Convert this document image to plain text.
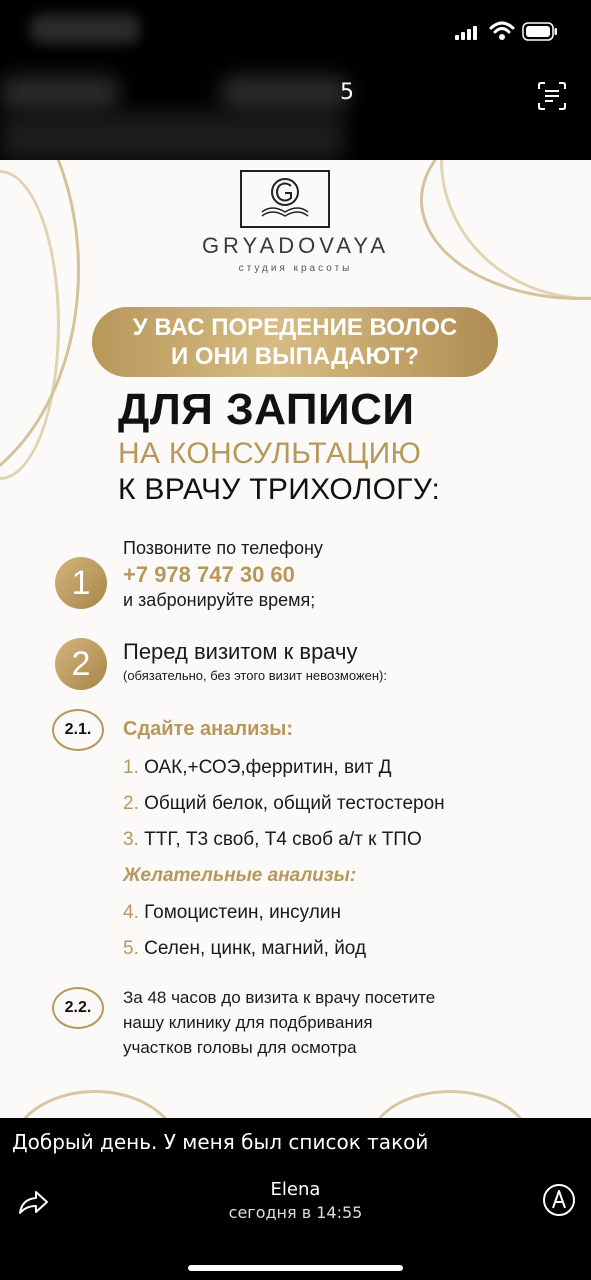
5
GRYADOVAYA
студия красоты
У ВАС ПОРЕДЕНИЕ ВОЛОС
И ОНИ ВЫПАДАЮТ?
ДЛЯ ЗАПИСИ
НА КОНСУЛЬТАЦИЮ
К ВРАЧУ ТРИХОЛОГУ:
1
Позвоните по телефону
+7 978 747 30 60
и забронируйте время;
2	Перед визитом к врачу
(обязательно, без этого визит невозможен):
2.1.	Сдайте анализы:
1. ОАК,+СОЭ,ферритин, вит Д
2. Общий белок, общий тестостерон
3. ТТГ, Т3 своб, Т4 своб а/т к ТПО
Желательные анализы:
4. Гомоцистеин, инсулин
5. Селен, цинк, магний, йод
2.2.
За 48 часов до визита к врачу посетите
нашу клинику для подбривания
участков головы для осмотра
Добрый день. У меня был список такой
Elena
сегодня в 14:55
